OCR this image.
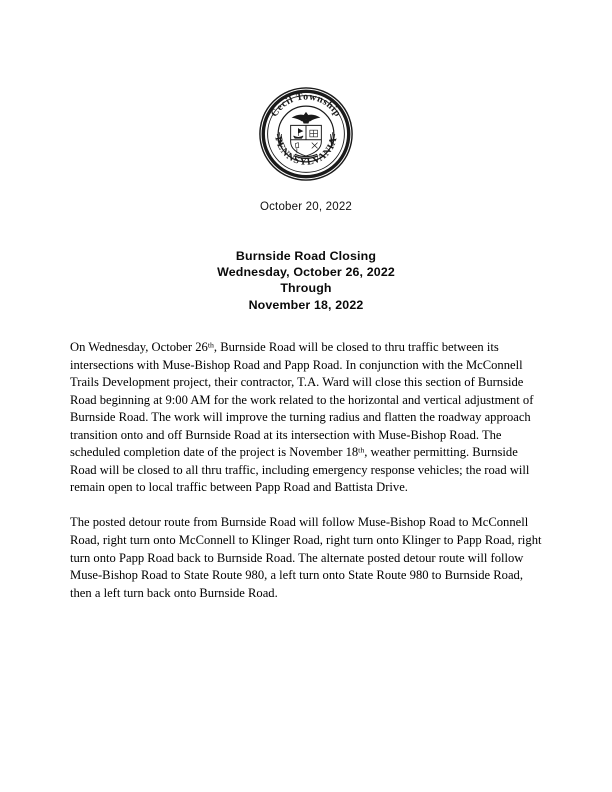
Cecil Township
PENNSYLVANIA
October 20, 2022
Burnside Road Closing
Wednesday, October 26, 2022
Through
November 18, 2022

On Wednesday, October 26th, Burnside Road will be closed to thru traffic between its intersections with Muse-Bishop Road and Papp Road. In conjunction with the McConnell Trails Development project, their contractor, T.A. Ward will close this section of Burnside Road beginning at 9:00 AM for the work related to the horizontal and vertical adjustment of Burnside Road. The work will improve the turning radius and flatten the roadway approach transition onto and off Burnside Road at its intersection with Muse-Bishop Road. The scheduled completion date of the project is November 18th, weather permitting. Burnside Road will be closed to all thru traffic, including emergency response vehicles; the road will remain open to local traffic between Papp Road and Battista Drive.

The posted detour route from Burnside Road will follow Muse-Bishop Road to McConnell Road, right turn onto McConnell to Klinger Road, right turn onto Klinger to Papp Road, right turn onto Papp Road back to Burnside Road. The alternate posted detour route will follow Muse-Bishop Road to State Route 980, a left turn onto State Route 980 to Burnside Road, then a left turn back onto Burnside Road.
